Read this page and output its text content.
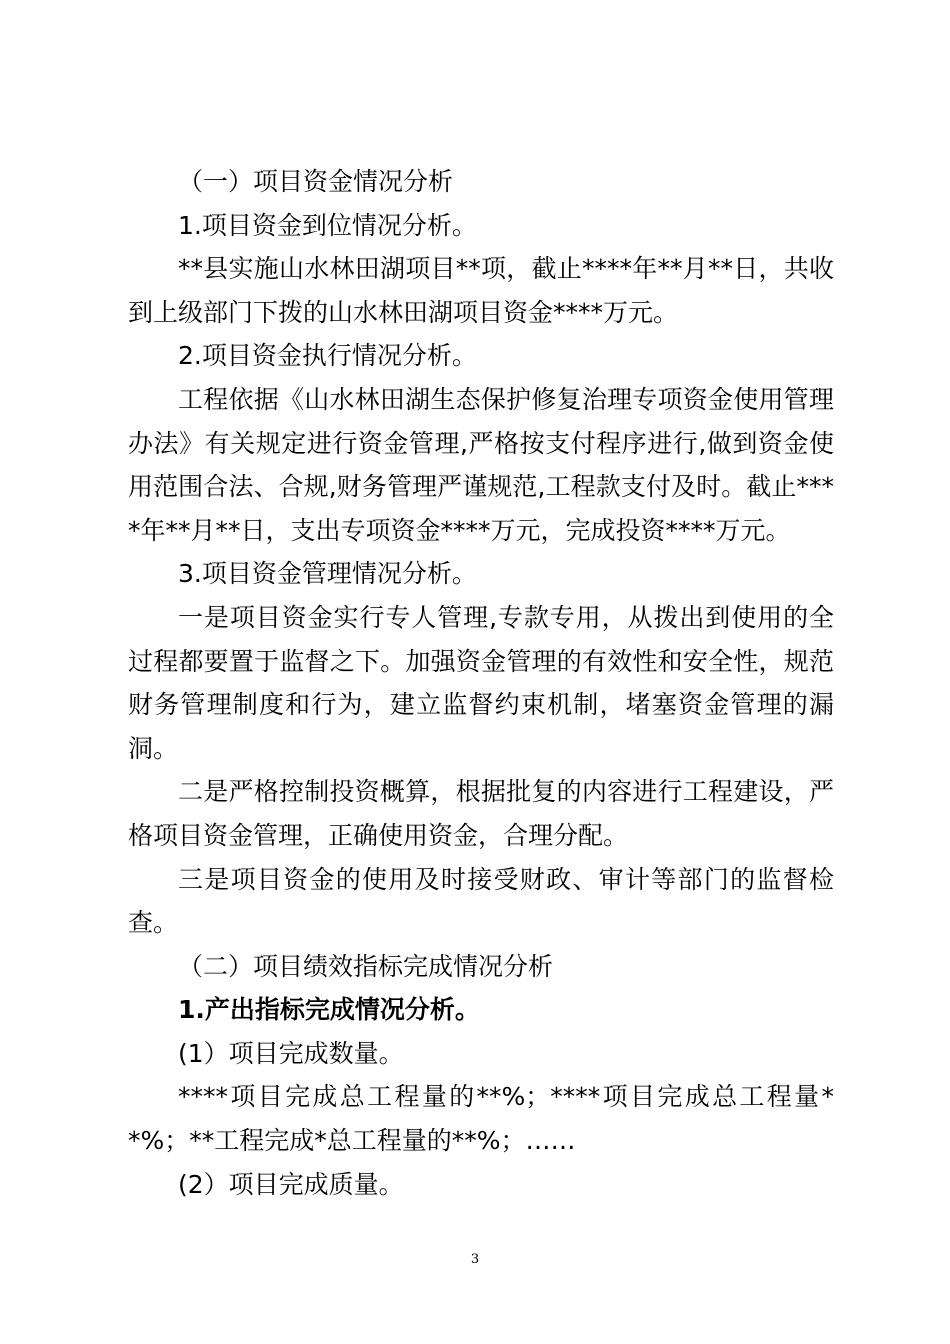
（一）项目资金情况分析

1.项目资金到位情况分析。

**县实施山水林田湖项目**项，截止****年**月**日，共收到上级部门下拨的山水林田湖项目资金****万元。

2.项目资金执行情况分析。

工程依据《山水林田湖生态保护修复治理专项资金使用管理办法》有关规定进行资金管理,严格按支付程序进行,做到资金使用范围合法、合规,财务管理严谨规范,工程款支付及时。截止****年**月**日，支出专项资金****万元，完成投资****万元。

3.项目资金管理情况分析。

一是项目资金实行专人管理,专款专用，从拨出到使用的全过程都要置于监督之下。加强资金管理的有效性和安全性，规范财务管理制度和行为，建立监督约束机制，堵塞资金管理的漏洞。

二是严格控制投资概算，根据批复的内容进行工程建设，严格项目资金管理，正确使用资金，合理分配。

三是项目资金的使用及时接受财政、审计等部门的监督检查。

（二）项目绩效指标完成情况分析

1.产出指标完成情况分析。

(1）项目完成数量。

****项目完成总工程量的**%；****项目完成总工程量**%；**工程完成*总工程量的**%；……

(2）项目完成质量。

3
